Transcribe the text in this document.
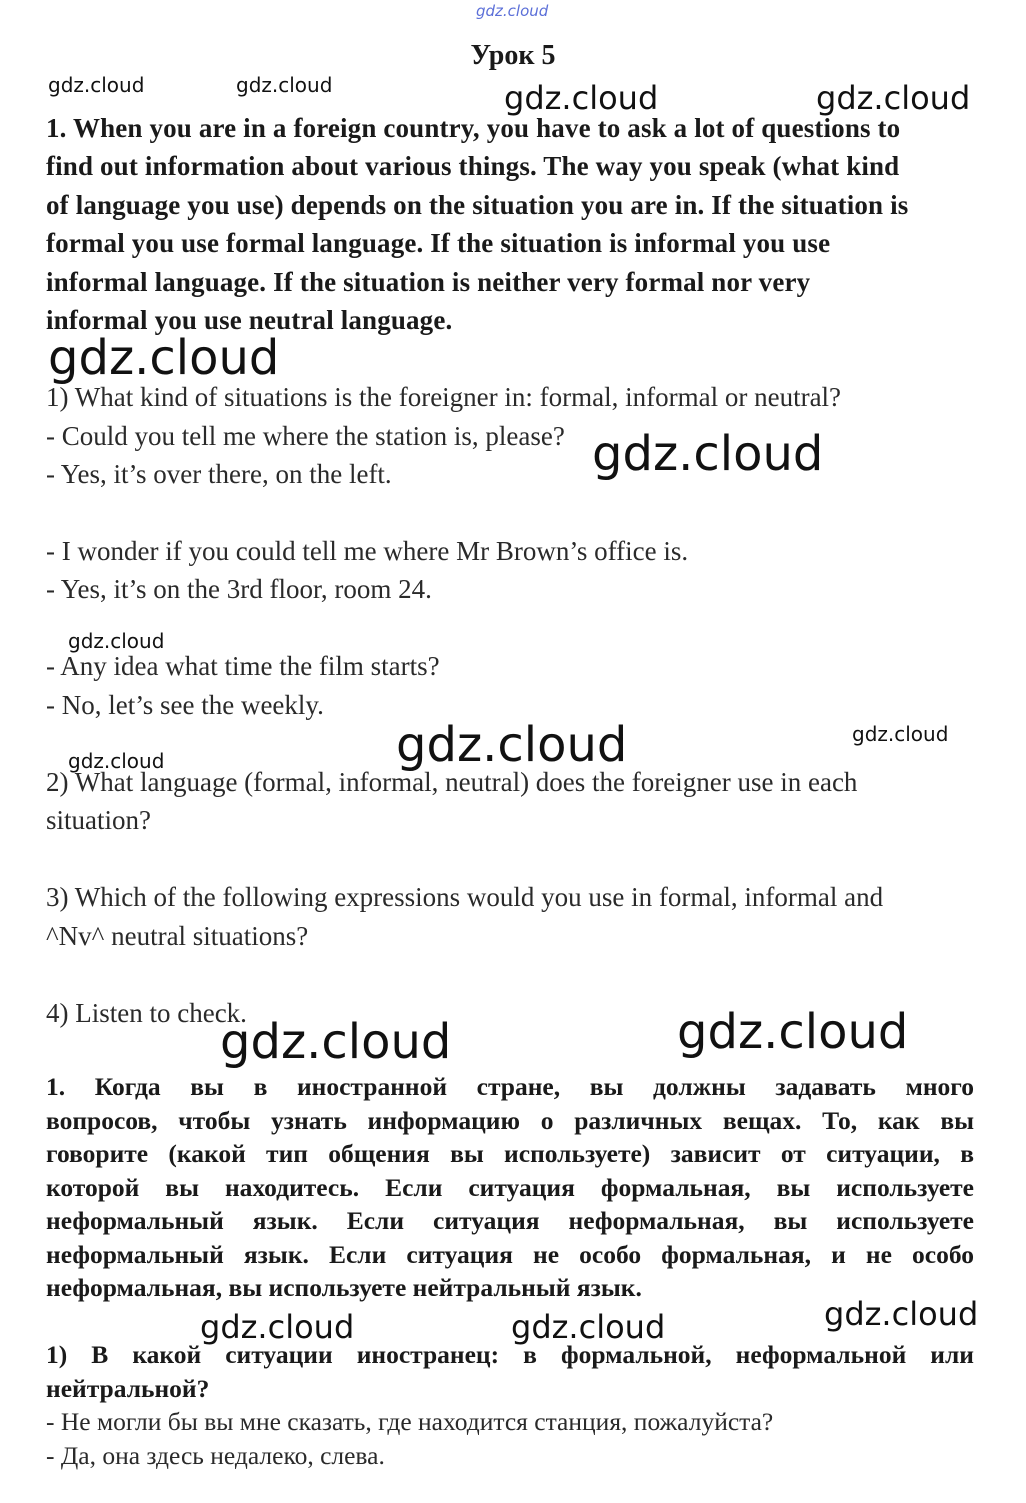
gdz.cloud
Урок 5

1. When you are in a foreign country, you have to ask a lot of questions to

find out information about various things. The way you speak (what kind

of language you use) depends on the situation you are in. If the situation is

formal you use formal language. If the situation is informal you use

informal language. If the situation is neither very formal nor very

informal you use neutral language.

1) What kind of situations is the foreigner in: formal, informal or neutral?

- Could you tell me where the station is, please?

- Yes, it’s over there, on the left.

- I wonder if you could tell me where Mr Brown’s office is.

- Yes, it’s on the 3rd floor, room 24.

- Any idea what time the film starts?

- No, let’s see the weekly.

2) What language (formal, informal, neutral) does the foreigner use in each

situation?

3) Which of the following expressions would you use in formal, informal and

^Nv^ neutral situations?

4) Listen to check.

1. Когда вы в иностранной стране, вы должны задавать много

вопросов, чтобы узнать информацию о различных вещах. То, как вы

говорите (какой тип общения вы используете) зависит от ситуации, в

которой вы находитесь. Если ситуация формальная, вы используете

неформальный язык. Если ситуация неформальная, вы используете

неформальный язык. Если ситуация не особо формальная, и не особо

неформальная, вы используете нейтральный язык.

1) В какой ситуации иностранец: в формальной, неформальной или

нейтральной?

- Не могли бы вы мне сказать, где находится станция, пожалуйста?

- Да, она здесь недалеко, слева.

gdz.cloud	gdz.cloud	gdz.cloud	gdz.cloud
gdz.cloud
gdz.cloud
gdz.cloud
gdz.cloud	gdz.cloud
gdz.cloud
gdz.cloud	gdz.cloud
gdz.cloud	gdz.cloud	gdz.cloud
